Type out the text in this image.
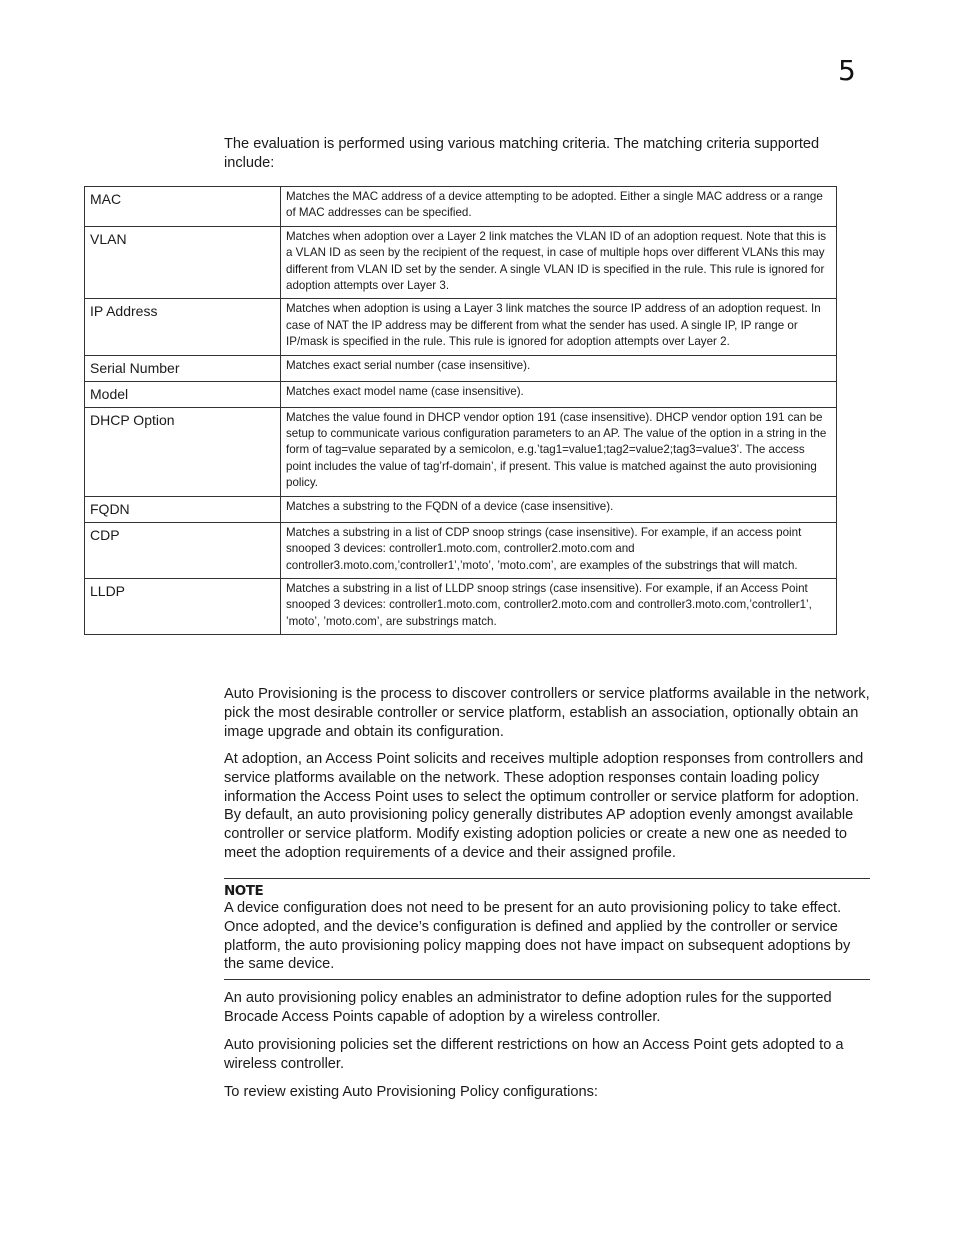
5

The evaluation is performed using various matching criteria. The matching criteria supported include:

MAC	Matches the MAC address of a device attempting to be adopted. Either a single MAC address or a range of MAC addresses can be specified.
VLAN	Matches when adoption over a Layer 2 link matches the VLAN ID of an adoption request. Note that this is a VLAN ID as seen by the recipient of the request, in case of multiple hops over different VLANs this may different from VLAN ID set by the sender. A single VLAN ID is specified in the rule. This rule is ignored for adoption attempts over Layer 3.
IP Address	Matches when adoption is using a Layer 3 link matches the source IP address of an adoption request. In case of NAT the IP address may be different from what the sender has used. A single IP, IP range or IP/mask is specified in the rule. This rule is ignored for adoption attempts over Layer 2.
Serial Number	Matches exact serial number (case insensitive).
Model	Matches exact model name (case insensitive).
DHCP Option	Matches the value found in DHCP vendor option 191 (case insensitive). DHCP vendor option 191 can be setup to communicate various configuration parameters to an AP. The value of the option in a string in the form of tag=value separated by a semicolon, e.g.’tag1=value1;tag2=value2;tag3=value3’. The access point includes the value of tag’rf-domain’, if present. This value is matched against the auto provisioning policy.
FQDN	Matches a substring to the FQDN of a device (case insensitive).
CDP	Matches a substring in a list of CDP snoop strings (case insensitive). For example, if an access point snooped 3 devices: controller1.moto.com, controller2.moto.com and controller3.moto.com,’controller1’,’moto’, ’moto.com’, are examples of the substrings that will match.
LLDP	Matches a substring in a list of LLDP snoop strings (case insensitive). For example, if an Access Point snooped 3 devices: controller1.moto.com, controller2.moto.com and controller3.moto.com,’controller1’, ’moto’, ’moto.com’, are substrings match.

Auto Provisioning is the process to discover controllers or service platforms available in the network, pick the most desirable controller or service platform, establish an association, optionally obtain an image upgrade and obtain its configuration.

At adoption, an Access Point solicits and receives multiple adoption responses from controllers and service platforms available on the network. These adoption responses contain loading policy information the Access Point uses to select the optimum controller or service platform for adoption. By default, an auto provisioning policy generally distributes AP adoption evenly amongst available controller or service platform. Modify existing adoption policies or create a new one as needed to meet the adoption requirements of a device and their assigned profile.

NOTE

A device configuration does not need to be present for an auto provisioning policy to take effect. Once adopted, and the device’s configuration is defined and applied by the controller or service platform, the auto provisioning policy mapping does not have impact on subsequent adoptions by the same device.

An auto provisioning policy enables an administrator to define adoption rules for the supported Brocade Access Points capable of adoption by a wireless controller.

Auto provisioning policies set the different restrictions on how an Access Point gets adopted to a wireless controller.

To review existing Auto Provisioning Policy configurations:
